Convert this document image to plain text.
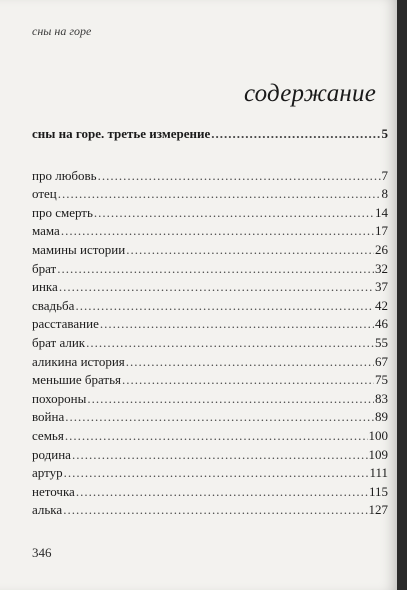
сны на горе
содержание
сны на горе. третье измерение .....	5
про любовь .....	7
отец .....	8
про смерть .....	14
мама .....	17
мамины истории .....	26
брат .....	32
инка .....	37
свадьба .....	42
расставание .....	46
брат алик .....	55
аликина история .....	67
меньшие братья .....	75
похороны .....	83
война .....	89
семья .....	100
родина .....	109
артур .....	111
неточка .....	115
алька .....	127
346
